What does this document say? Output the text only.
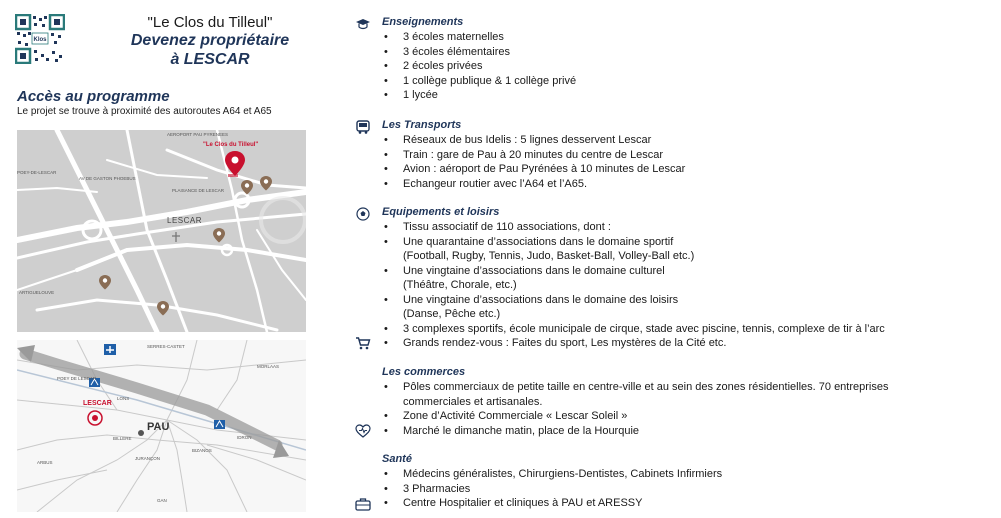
Klos
"Le Clos du Tilleul"
Devenez propriétaire
à LESCAR
Accès au programme
Le projet se trouve à proximité des autoroutes A64 et A65
AEROPORT PAU PYRENEES
"Le Clos du Tilleul"
LESCAR
POEY-DE-LESCAR
ARTIGUELOUVE
AV DE GASTON PHOEBUS
PLAISANCE DE LESCAR
LESCAR
PAU
SERRES-CASTET
POEY DE LESCAR
JURANÇON
IDRON
BIZANOS
LONS
BILLERE
MORLAAS
ARBUS
GAN
Enseignements
• 3 écoles maternelles
• 3 écoles élémentaires
• 2 écoles privées
• 1 collège publique & 1 collège privé
• 1 lycée
Les Transports
• Réseaux de bus Idelis : 5 lignes desservent Lescar
• Train : gare de Pau à 20 minutes du centre de Lescar
• Avion : aéroport de Pau Pyrénées à 10 minutes de Lescar
• Echangeur routier avec l’A64 et l’A65.
Equipements et loisirs
• Tissu associatif de 110 associations, dont :
• Une quarantaine d’associations dans le domaine sportif
(Football, Rugby, Tennis, Judo, Basket-Ball, Volley-Ball etc.)
• Une vingtaine d’associations dans le domaine culturel
(Théâtre, Chorale, etc.)
• Une vingtaine d’associations dans le domaine des loisirs
(Danse, Pêche etc.)
• 3 complexes sportifs, école municipale de cirque, stade avec piscine, tennis, complexe de tir à l’arc
• Grands rendez-vous : Faites du sport, Les mystères de la Cité etc.
Les commerces
• Pôles commerciaux de petite taille en centre-ville et au sein des zones résidentielles. 70 entreprises
commerciales et artisanales.
• Zone d’Activité Commerciale « Lescar Soleil »
• Marché le dimanche matin, place de la Hourquie
Santé
• Médecins généralistes, Chirurgiens-Dentistes, Cabinets Infirmiers
• 3 Pharmacies
• Centre Hospitalier et cliniques à PAU et ARESSY
